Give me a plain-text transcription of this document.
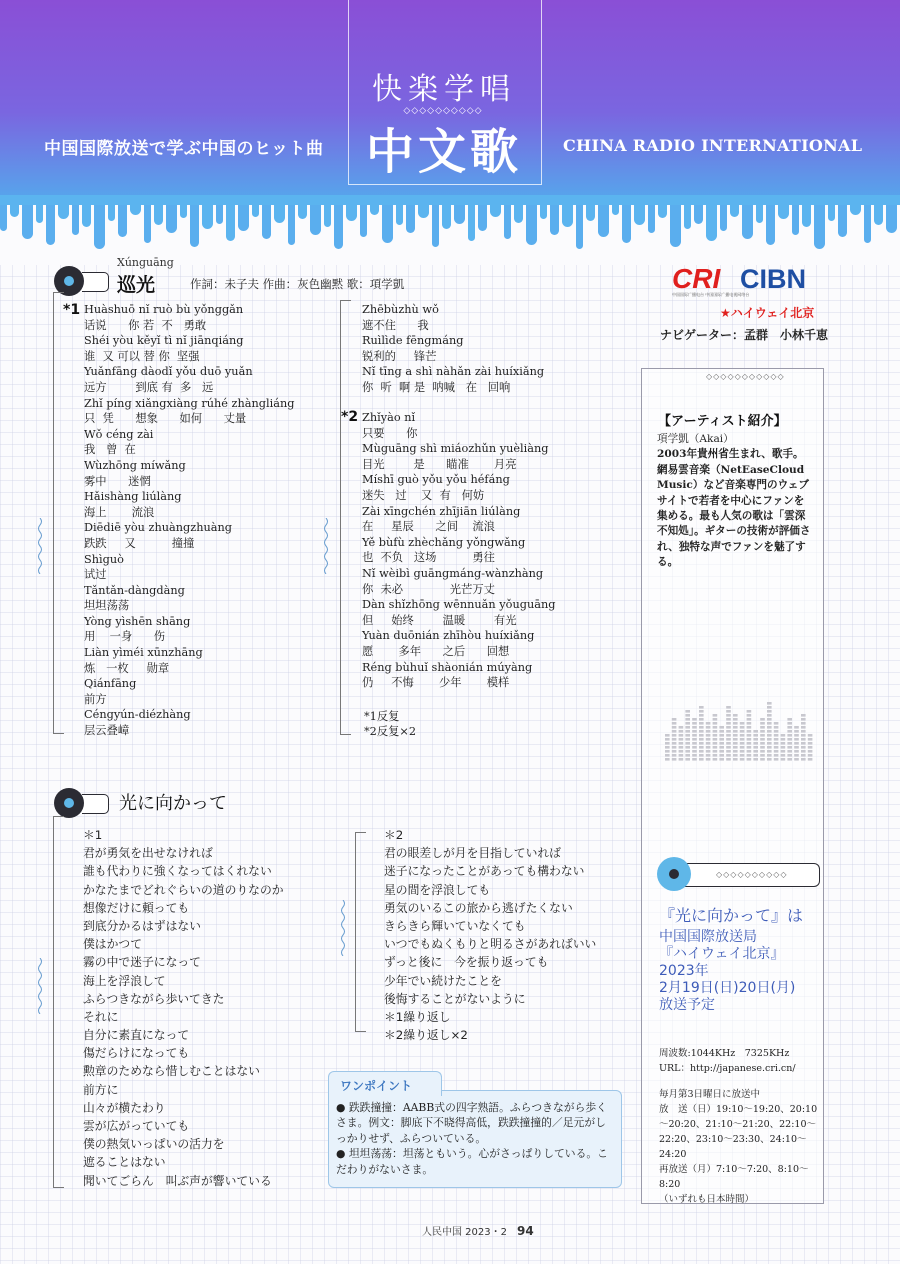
中国国際放送で学ぶ中国のヒット曲
快楽学唱
◇◇◇◇◇◇◇◇◇◇
中文歌	CHINA RADIO INTERNATIONAL
Xúnguāng
巡光	作詞：未子夫 作曲：灰色幽黙 歌：項学凱
*1 Huàshuō nǐ ruò bù yǒnggǎn
话说      你 若  不   勇敢
Shéi yòu kěyǐ tì nǐ jiānqiáng
谁  又 可以 替 你  坚强
Yuǎnfāng dàodǐ yǒu duō yuǎn
远方        到底 有  多   远
Zhǐ píng xiǎngxiàng rúhé zhàngliáng
只  凭      想象      如何      丈量
Wǒ céng zài
我   曾  在
Wùzhōng míwǎng
雾中      迷惘
Hǎishàng liúlàng
海上       流浪
Diēdiē yòu zhuàngzhuàng
跌跌     又          撞撞
Shìguò
试过
Tǎntǎn-dàngdàng
坦坦荡荡
Yòng yìshēn shāng
用    一身      伤
Liàn yìméi xūnzhāng
炼   一枚     勋章
Qiánfāng
前方
Céngyún-diézhàng
层云叠嶂
Zhēbùzhù wǒ
遮不住      我
Ruìlìde fēngmáng
锐利的     锋芒
Nǐ tīng a shì nàhǎn zài huíxiǎng
你  听  啊 是  呐喊   在   回响
*2 Zhǐyào nǐ
只要      你
Mùguāng shì miáozhǔn yuèliàng
目光        是      瞄准       月亮
Míshī guò yǒu yǒu héfáng
迷失   过    又  有   何妨
Zài xīngchén zhījiān liúlàng
在     星辰      之间    流浪
Yě bùfù zhèchǎng yǒngwǎng
也  不负   这场          勇往
Nǐ wèibì guāngmáng-wànzhàng
你  未必             光芒万丈
Dàn shǐzhōng wēnnuǎn yǒuguāng
但     始终        温暖        有光
Yuàn duōnián zhīhòu huíxiǎng
愿       多年      之后      回想
Réng bùhuǐ shàonián múyàng
仍     不悔       少年       模样
*1反复
*2反复×2
光に向かって
＊1
君が勇気を出せなければ
誰も代わりに強くなってはくれない
かなたまでどれぐらいの道のりなのか
想像だけに頼っても
到底分かるはずはない
僕はかつて
霧の中で迷子になって
海上を浮浪して
ふらつきながら歩いてきた
それに
自分に素直になって
傷だらけになっても
勲章のためなら惜しむことはない
前方に
山々が横たわり
雲が広がっていても
僕の熱気いっぱいの活力を
遮ることはない
聞いてごらん　叫ぶ声が響いている
＊2
君の眼差しが月を目指していれば
迷子になったことがあっても構わない
星の間を浮浪しても
勇気のいるこの旅から逃げたくない
きらきら輝いていなくても
いつでもぬくもりと明るさがあればいい
ずっと後に　今を振り返っても
少年でい続けたことを
後悔することがないように
＊1繰り返し
＊2繰り返し×2
ワンポイント
● 跌跌撞撞：AABB式の四字熟語。ふらつきながら歩くさま。例文：脚底下不晓得高低，跌跌撞撞的／足元がしっかりせず、ふらついている。
● 坦坦荡荡：坦荡ともいう。心がさっぱりしている。こだわりがないさま。
CRI CIBN
中国国际广播电台 中国国际广播电视网络台
★ハイウェイ北京
ナビゲーター：孟群　小林千恵
◇◇◇◇◇◇◇◇◇◇◇
【アーティスト紹介】
項学凱（Akai）
2003年貴州省生まれ、歌手。網易雲音楽（NetEaseCloud Music）など音楽専門のウェブサイトで若者を中心にファンを集める。最も人気の歌は「雲深不知処」。ギターの技術が評価され、独特な声でファンを魅了する。
◇◇◇◇◇◇◇◇◇◇
『光に向かって』は
中国国際放送局
『ハイウェイ北京』
2023年
2月19日(日)20日(月)
放送予定
周波数:1044KHz　7325KHz
URL：http://japanese.cri.cn/
毎月第3日曜日に放送中
放　送（日）19:10～19:20、20:10～20:20、21:10～21:20、22:10～22:20、23:10～23:30、24:10～24:20
再放送（月）7:10～7:20、8:10～8:20
（いずれも日本時間）
人民中国 2023・2 94
